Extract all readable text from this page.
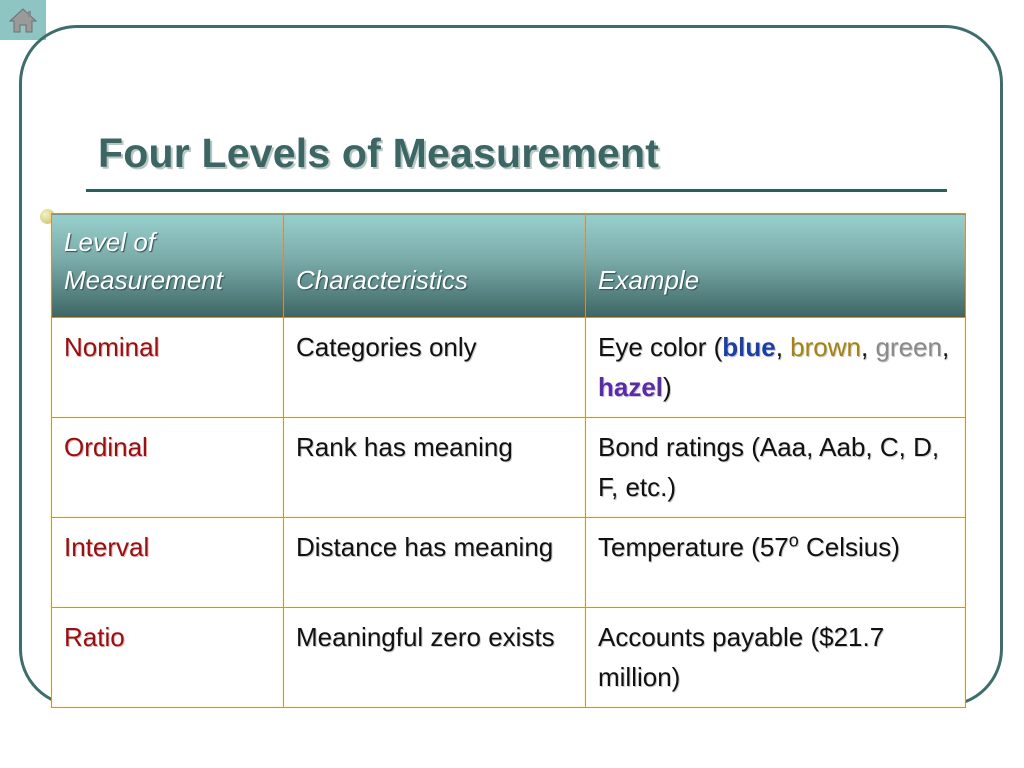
Four Levels of Measurement
Level of Measurement	Characteristics	Example
Nominal	Categories only	Eye color (blue, brown, green, hazel)
Ordinal	Rank has meaning	Bond ratings (Aaa, Aab, C, D, F, etc.)
Interval	Distance has meaning	Temperature (57$^o$ Celsius)
Ratio	Meaningful zero exists	Accounts payable ($21.7 million)
